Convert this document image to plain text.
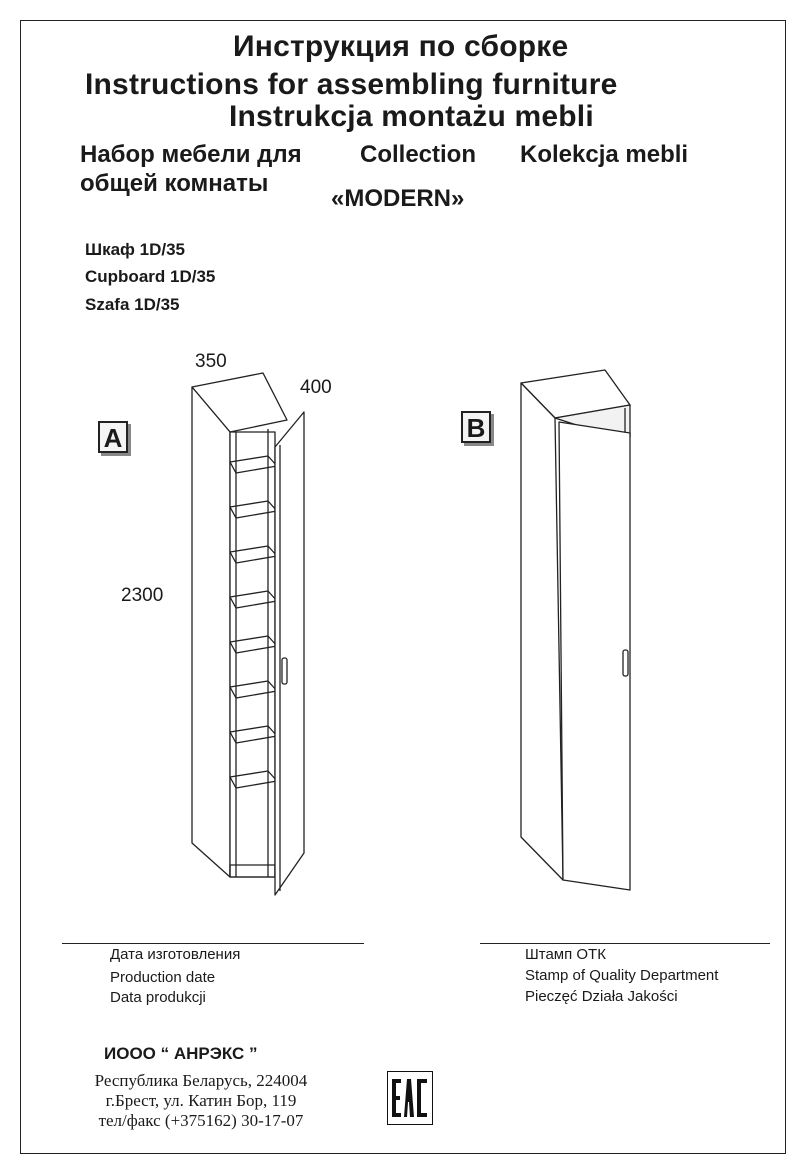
Инструкция по сборке
Instructions for assembling furniture
Instrukcja montażu mebli
Набор мебели для
общей комнаты
Collection Kolekcja mebli
«MODERN»
Шкаф 1D/35
Cupboard 1D/35
Szafa 1D/35
350
400
2300
A	B
Дата изготовления
Production date
Data produkcji
Штамп ОТК
Stamp of Quality Department
Pieczęć Działa Jakości
ИООО “ АНРЭКС ”
Республика Беларусь, 224004
г.Брест, ул. Катин Бор, 119
тел/факс (+375162) 30-17-07
